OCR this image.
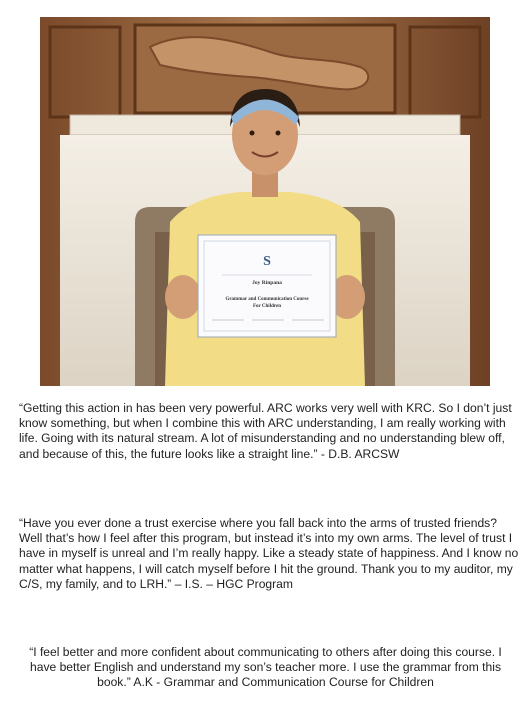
S
Joy Rinpana
Grammar and Communication Course
For Children

“Getting this action in has been very powerful. ARC works very well with KRC. So I don’t just know something, but when I combine this with ARC understanding, I am really working with life. Going with its natural stream. A lot of misunderstanding and no understanding blew off, and because of this, the future looks like a straight line.” - D.B. ARCSW

“Have you ever done a trust exercise where you fall back into the arms of trusted friends? Well that’s how I feel after this program, but instead it’s into my own arms. The level of trust I have in myself is unreal and I’m really happy. Like a steady state of happiness. And I know no matter what happens, I will catch myself before I hit the ground. Thank you to my auditor, my C/S, my family, and to LRH.” – I.S. – HGC Program

“I feel better and more confident about communicating to others after doing this course. I have better English and understand my son’s teacher more. I use the grammar from this book.” A.K - Grammar and Communication Course for Children
